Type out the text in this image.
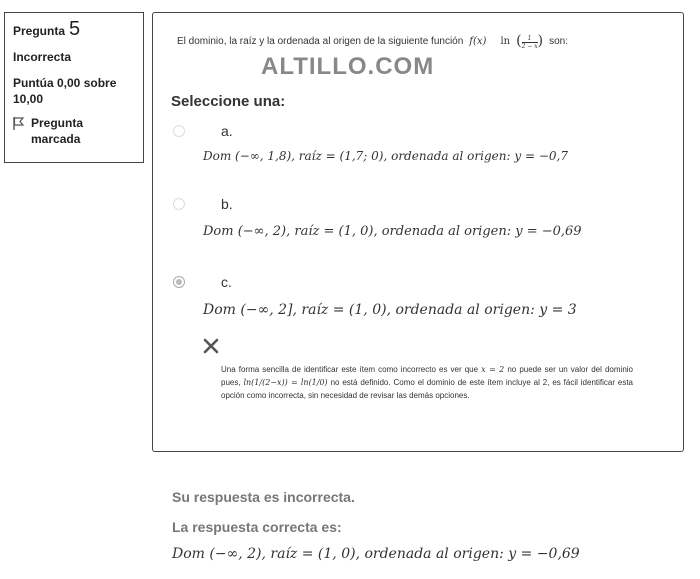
Pregunta 5
Incorrecta
Puntúa 0,00 sobre 10,00
Pregunta marcada
El dominio, la raíz y la ordenada al origen de la siguiente función f(x) ln ( $\frac{1}{2 - x}$ ) son:
ALTILLO.COM
Seleccione una:
a.
Dom (−∞, 1,8), raíz = (1,7; 0), ordenada al origen: y = −0,7
b.
Dom (−∞, 2), raíz = (1, 0), ordenada al origen: y = −0,69
c.
Dom (−∞, 2], raíz = (1, 0), ordenada al origen: y = 3
Una forma sencilla de identificar este ítem como incorrecto es ver que x = 2 no puede ser un valor del dominio pues, ln(1/(2−x)) = ln(1/0) no está definido. Como el dominio de este ítem incluye al 2, es fácil identificar esta opción como incorrecta, sin necesidad de revisar las demás opciones.
Su respuesta es incorrecta.
La respuesta correcta es:
Dom (−∞, 2), raíz = (1, 0), ordenada al origen: y = −0,69
